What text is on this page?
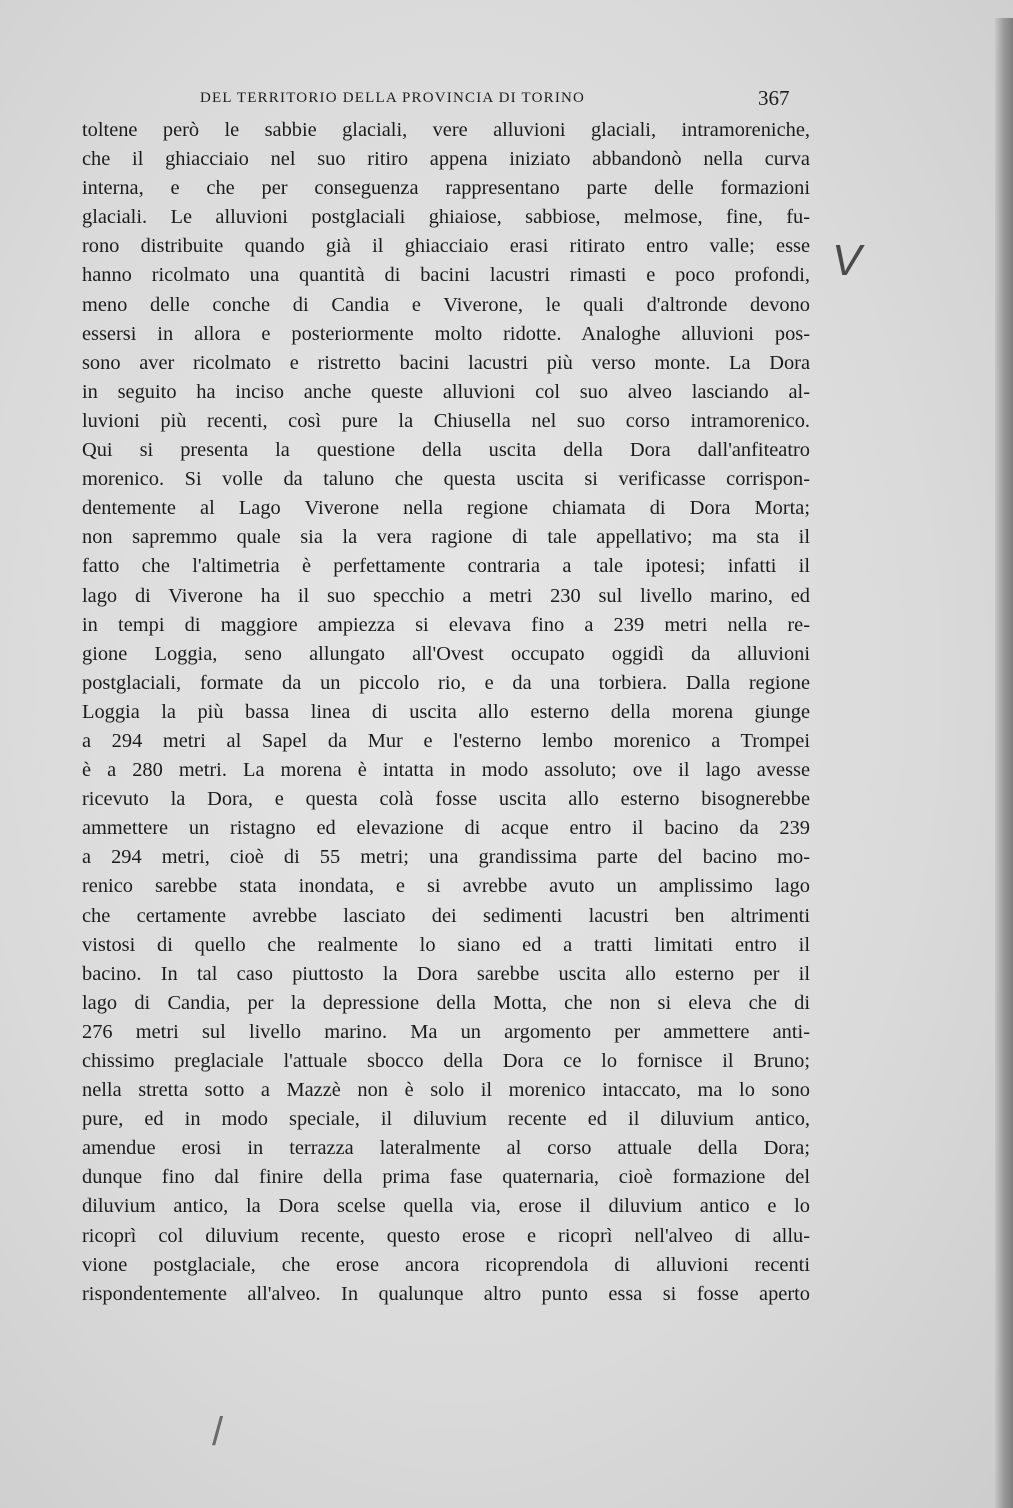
DEL TERRITORIO DELLA PROVINCIA DI TORINO	367
V
/
toltene però le sabbie glaciali, vere alluvioni glaciali, intramoreniche,
che il ghiacciaio nel suo ritiro appena iniziato abbandonò nella curva
interna, e che per conseguenza rappresentano parte delle formazioni
glaciali. Le alluvioni postglaciali ghiaiose, sabbiose, melmose, fine, fu-
rono distribuite quando già il ghiacciaio erasi ritirato entro valle; esse
hanno ricolmato una quantità di bacini lacustri rimasti e poco profondi,
meno delle conche di Candia e Viverone, le quali d'altronde devono
essersi in allora e posteriormente molto ridotte. Analoghe alluvioni pos-
sono aver ricolmato e ristretto bacini lacustri più verso monte. La Dora
in seguito ha inciso anche queste alluvioni col suo alveo lasciando al-
luvioni più recenti, così pure la Chiusella nel suo corso intramorenico.
Qui si presenta la questione della uscita della Dora dall'anfiteatro
morenico. Si volle da taluno che questa uscita si verificasse corrispon-
dentemente al Lago Viverone nella regione chiamata di Dora Morta;
non sapremmo quale sia la vera ragione di tale appellativo; ma sta il
fatto che l'altimetria è perfettamente contraria a tale ipotesi; infatti il
lago di Viverone ha il suo specchio a metri 230 sul livello marino, ed
in tempi di maggiore ampiezza si elevava fino a 239 metri nella re-
gione Loggia, seno allungato all'Ovest occupato oggidì da alluvioni
postglaciali, formate da un piccolo rio, e da una torbiera. Dalla regione
Loggia la più bassa linea di uscita allo esterno della morena giunge
a 294 metri al Sapel da Mur e l'esterno lembo morenico a Trompei
è a 280 metri. La morena è intatta in modo assoluto; ove il lago avesse
ricevuto la Dora, e questa colà fosse uscita allo esterno bisognerebbe
ammettere un ristagno ed elevazione di acque entro il bacino da 239
a 294 metri, cioè di 55 metri; una grandissima parte del bacino mo-
renico sarebbe stata inondata, e si avrebbe avuto un amplissimo lago
che certamente avrebbe lasciato dei sedimenti lacustri ben altrimenti
vistosi di quello che realmente lo siano ed a tratti limitati entro il
bacino. In tal caso piuttosto la Dora sarebbe uscita allo esterno per il
lago di Candia, per la depressione della Motta, che non si eleva che di
276 metri sul livello marino. Ma un argomento per ammettere anti-
chissimo preglaciale l'attuale sbocco della Dora ce lo fornisce il Bruno;
nella stretta sotto a Mazzè non è solo il morenico intaccato, ma lo sono
pure, ed in modo speciale, il diluvium recente ed il diluvium antico,
amendue erosi in terrazza lateralmente al corso attuale della Dora;
dunque fino dal finire della prima fase quaternaria, cioè formazione del
diluvium antico, la Dora scelse quella via, erose il diluvium antico e lo
ricoprì col diluvium recente, questo erose e ricoprì nell'alveo di allu-
vione postglaciale, che erose ancora ricoprendola di alluvioni recenti
rispondentemente all'alveo. In qualunque altro punto essa si fosse aperto
